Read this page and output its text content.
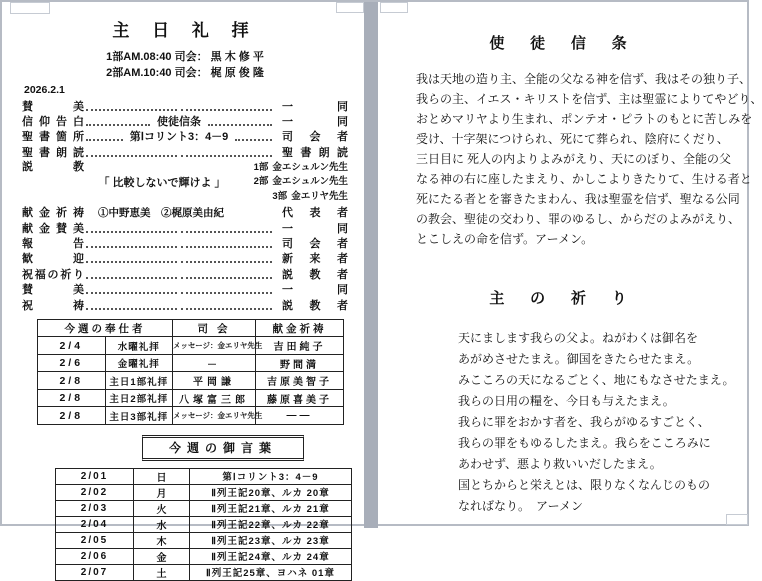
主 日 礼 拝
1部AM.08:40 司会： 黒 木 修 平
2部AM.10:40 司会： 梶 原 俊 隆
2026.2.1
賛美	一同
信仰告白	使徒信条	一同
聖書箇所	第Ⅰコリント3：4－9	司会者
聖書朗読	聖書朗読
説教
「 比較しないで輝けよ 」
1部 金エシュルン先生
2部 金エシュルン先生
3部 金エリヤ先生
献金祈祷 ①中野恵美　②梶原美由紀	代表者
献金賛美	一同
報告	司会者
歓迎	新来者
祝福の祈り	説教者
賛美	一同
祝祷	説教者
今週の奉仕者		司 会	献金祈祷
2/4	水曜礼拝	メッセージ：金エリヤ先生	吉田純子
2/6	金曜礼拝	－	野間満
2/8	主日1部礼拝	平岡謙	吉原美智子
2/8	主日2部礼拝	八塚富三郎	藤原喜美子
2/8	主日3部礼拝	メッセージ：金エリヤ先生	――
今週の御言葉
2/01	日	第Ⅰコリント3：4－9
2/02	月	Ⅱ列王記20章、ルカ 20章
2/03	火	Ⅱ列王記21章、ルカ 21章
2/04	水	Ⅱ列王記22章、ルカ 22章
2/05	木	Ⅱ列王記23章、ルカ 23章
2/06	金	Ⅱ列王記24章、ルカ 24章
2/07	土	Ⅱ列王記25章、ヨハネ 01章
使 徒 信 条
我は天地の造り主、全能の父なる神を信ず、我はその独り子、
我らの主、イエス・キリストを信ず、主は聖霊によりてやどり、
おとめマリヤより生まれ、ポンテオ・ピラトのもとに苦しみを
受け、十字架につけられ、死にて葬られ、陰府にくだり、
三日目に 死人の内よりよみがえり、天にのぼり、全能の父
なる神の右に座したまえり、かしこよりきたりて、生ける者と
死にたる者とを審きたまわん、我は聖霊を信ず、聖なる公同
の教会、聖徒の交わり、罪のゆるし、からだのよみがえり、
とこしえの命を信ず。アーメン。
主 の 祈 り
天にまします我らの父よ。ねがわくは御名を
あがめさせたまえ。御国をきたらせたまえ。
みこころの天になるごとく、地にもなさせたまえ。
我らの日用の糧を、今日も与えたまえ。
我らに罪をおかす者を、我らがゆるすごとく、
我らの罪をもゆるしたまえ。我らをこころみに
あわせず、悪より救いいだしたまえ。
国とちからと栄えとは、限りなくなんじのもの
なればなり。　アーメン
